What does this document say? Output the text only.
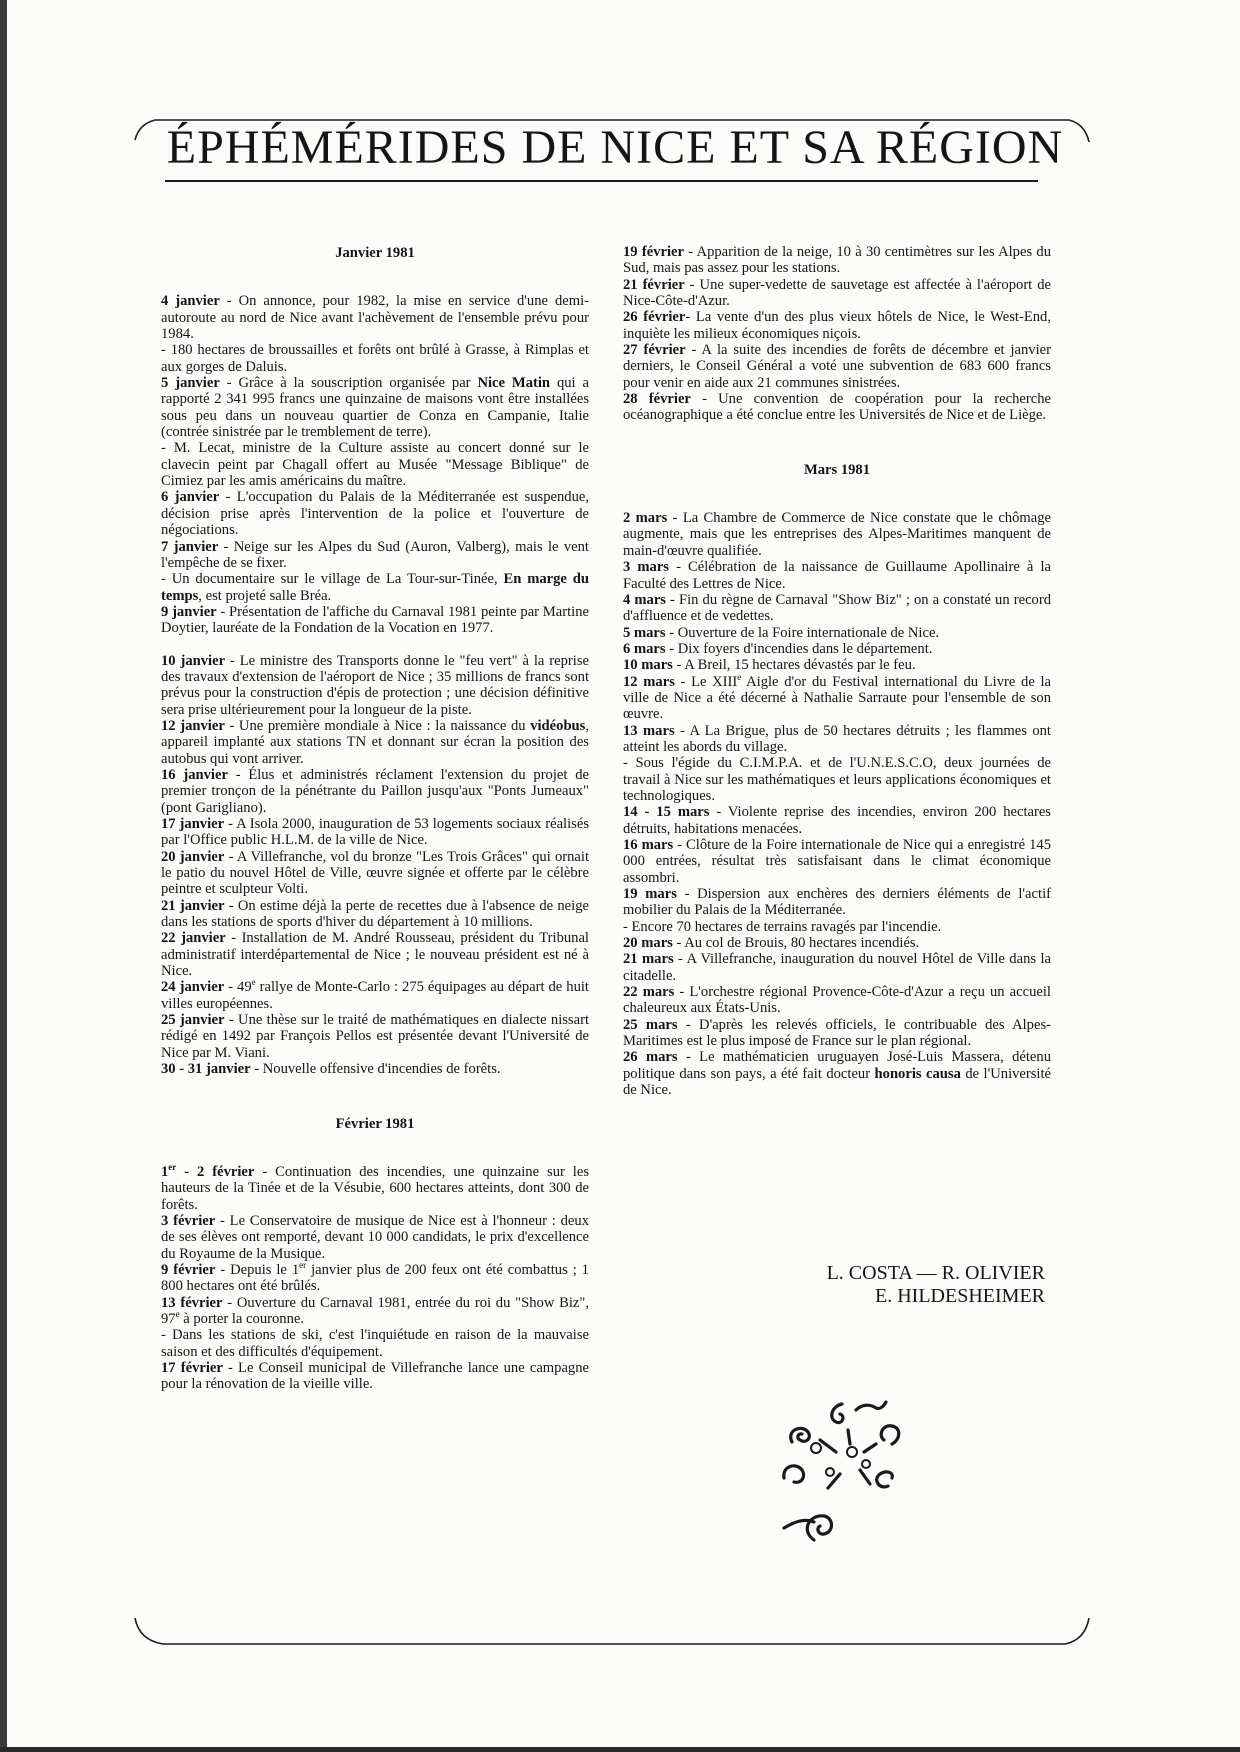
ÉPHÉMÉRIDES DE NICE ET SA RÉGION

Janvier 1981

4 janvier - On annonce, pour 1982, la mise en service d'une demi-autoroute au nord de Nice avant l'achèvement de l'ensemble prévu pour 1984.

- 180 hectares de broussailles et forêts ont brûlé à Grasse, à Rimplas et aux gorges de Daluis.

5 janvier - Grâce à la souscription organisée par Nice Matin qui a rapporté 2 341 995 francs une quinzaine de maisons vont être installées sous peu dans un nouveau quartier de Conza en Campanie, Italie (contrée sinistrée par le tremblement de terre).

- M. Lecat, ministre de la Culture assiste au concert donné sur le clavecin peint par Chagall offert au Musée "Message Biblique" de Cimiez par les amis américains du maître.

6 janvier - L'occupation du Palais de la Méditerranée est suspendue, décision prise après l'intervention de la police et l'ouverture de négociations.

7 janvier - Neige sur les Alpes du Sud (Auron, Valberg), mais le vent l'empêche de se fixer.

- Un documentaire sur le village de La Tour-sur-Tinée, En marge du temps, est projeté salle Bréa.

9 janvier - Présentation de l'affiche du Carnaval 1981 peinte par Martine Doytier, lauréate de la Fondation de la Vocation en 1977.

10 janvier - Le ministre des Transports donne le "feu vert" à la reprise des travaux d'extension de l'aéroport de Nice ; 35 millions de francs sont prévus pour la construction d'épis de protection ; une décision définitive sera prise ultérieurement pour la longueur de la piste.

12 janvier - Une première mondiale à Nice : la naissance du vidéobus, appareil implanté aux stations TN et donnant sur écran la position des autobus qui vont arriver.

16 janvier - Élus et administrés réclament l'extension du projet de premier tronçon de la pénétrante du Paillon jusqu'aux "Ponts Jumeaux" (pont Garigliano).

17 janvier - A Isola 2000, inauguration de 53 logements sociaux réalisés par l'Office public H.L.M. de la ville de Nice.

20 janvier - A Villefranche, vol du bronze "Les Trois Grâces" qui ornait le patio du nouvel Hôtel de Ville, œuvre signée et offerte par le célèbre peintre et sculpteur Volti.

21 janvier - On estime déjà la perte de recettes due à l'absence de neige dans les stations de sports d'hiver du département à 10 millions.

22 janvier - Installation de M. André Rousseau, président du Tribunal administratif interdépartemental de Nice ; le nouveau président est né à Nice.

24 janvier - 49e rallye de Monte-Carlo : 275 équipages au départ de huit villes européennes.

25 janvier - Une thèse sur le traité de mathématiques en dialecte nissart rédigé en 1492 par François Pellos est présentée devant l'Université de Nice par M. Viani.

30 - 31 janvier - Nouvelle offensive d'incendies de forêts.

Février 1981

1er - 2 février - Continuation des incendies, une quinzaine sur les hauteurs de la Tinée et de la Vésubie, 600 hectares atteints, dont 300 de forêts.

3 février - Le Conservatoire de musique de Nice est à l'honneur : deux de ses élèves ont remporté, devant 10 000 candidats, le prix d'excellence du Royaume de la Musique.

9 février - Depuis le 1er janvier plus de 200 feux ont été combattus ; 1 800 hectares ont été brûlés.

13 février - Ouverture du Carnaval 1981, entrée du roi du "Show Biz", 97e à porter la couronne.

- Dans les stations de ski, c'est l'inquiétude en raison de la mauvaise saison et des difficultés d'équipement.

17 février - Le Conseil municipal de Villefranche lance une campagne pour la rénovation de la vieille ville.

19 février - Apparition de la neige, 10 à 30 centimètres sur les Alpes du Sud, mais pas assez pour les stations.

21 février - Une super-vedette de sauvetage est affectée à l'aéroport de Nice-Côte-d'Azur.

26 février- La vente d'un des plus vieux hôtels de Nice, le West-End, inquiète les milieux économiques niçois.

27 février - A la suite des incendies de forêts de décembre et janvier derniers, le Conseil Général a voté une subvention de 683 600 francs pour venir en aide aux 21 communes sinistrées.

28 février - Une convention de coopération pour la recherche océanographique a été conclue entre les Universités de Nice et de Liège.

Mars 1981

2 mars - La Chambre de Commerce de Nice constate que le chômage augmente, mais que les entreprises des Alpes-Maritimes manquent de main-d'œuvre qualifiée.

3 mars - Célébration de la naissance de Guillaume Apollinaire à la Faculté des Lettres de Nice.

4 mars - Fin du règne de Carnaval "Show Biz" ; on a constaté un record d'affluence et de vedettes.

5 mars - Ouverture de la Foire internationale de Nice.

6 mars - Dix foyers d'incendies dans le département.

10 mars - A Breil, 15 hectares dévastés par le feu.

12 mars - Le XIIIe Aigle d'or du Festival international du Livre de la ville de Nice a été décerné à Nathalie Sarraute pour l'ensemble de son œuvre.

13 mars - A La Brigue, plus de 50 hectares détruits ; les flammes ont atteint les abords du village.

- Sous l'égide du C.I.M.P.A. et de l'U.N.E.S.C.O, deux journées de travail à Nice sur les mathématiques et leurs applications économiques et technologiques.

14 - 15 mars - Violente reprise des incendies, environ 200 hectares détruits, habitations menacées.

16 mars - Clôture de la Foire internationale de Nice qui a enregistré 145 000 entrées, résultat très satisfaisant dans le climat économique assombri.

19 mars - Dispersion aux enchères des derniers éléments de l'actif mobilier du Palais de la Méditerranée.

- Encore 70 hectares de terrains ravagés par l'incendie.

20 mars - Au col de Brouis, 80 hectares incendiés.

21 mars - A Villefranche, inauguration du nouvel Hôtel de Ville dans la citadelle.

22 mars - L'orchestre régional Provence-Côte-d'Azur a reçu un accueil chaleureux aux États-Unis.

25 mars - D'après les relevés officiels, le contribuable des Alpes-Maritimes est le plus imposé de France sur le plan régional.

26 mars - Le mathématicien uruguayen José-Luis Massera, détenu politique dans son pays, a été fait docteur honoris causa de l'Université de Nice.

L. COSTA — R. OLIVIER
E. HILDESHEIMER
